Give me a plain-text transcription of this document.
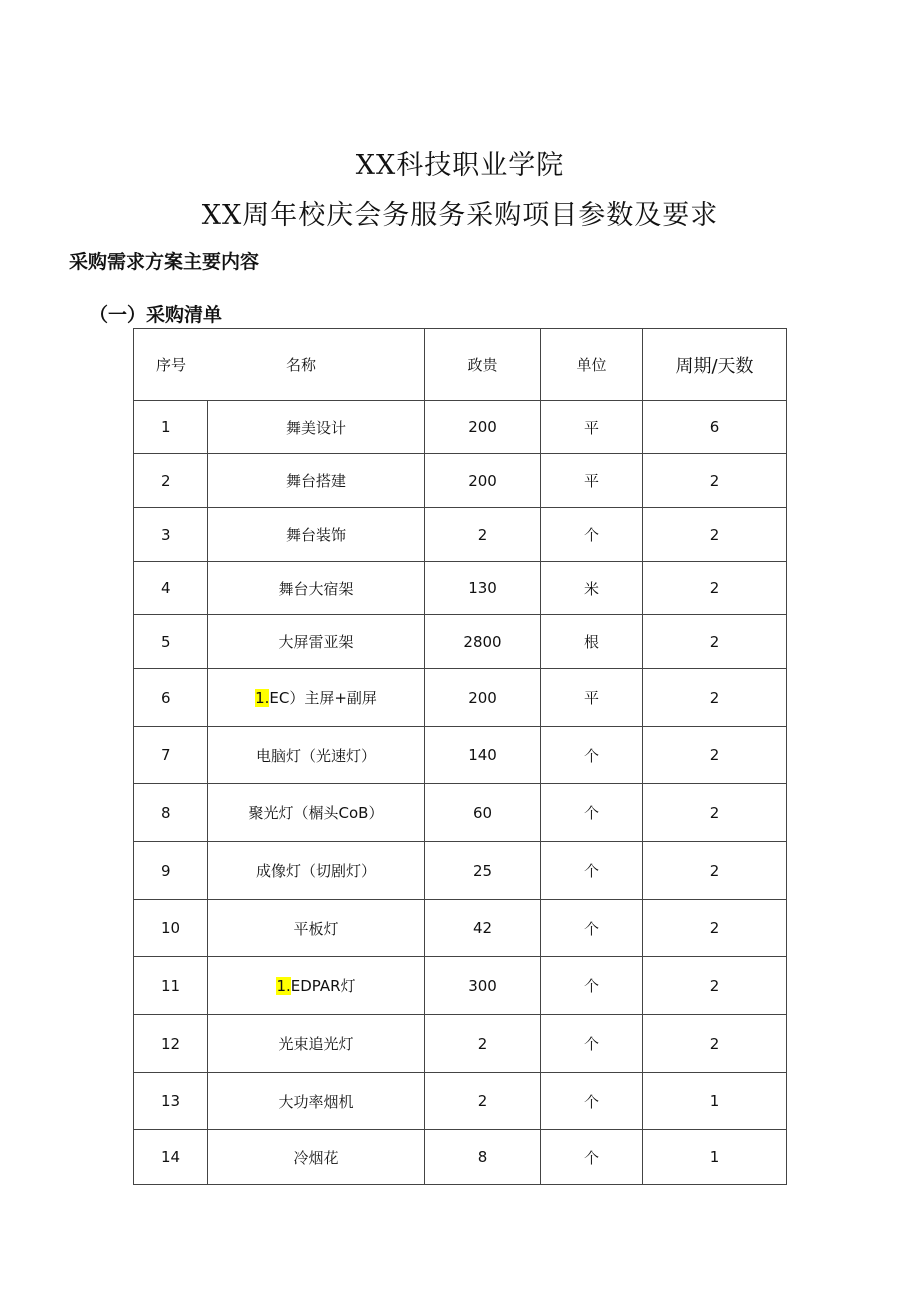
XX科技职业学院
XX周年校庆会务服务采购项目参数及要求
采购需求方案主要内容
（一）采购清单
序号 名称		政贵	单位	周期/天数
1	舞美设计	200	平	6
2	舞台搭建	200	平	2
3	舞台装饰	2	个	2
4	舞台大宿架	130	米	2
5	大屏雷亚架	2800	根	2
6	1.EC）主屏+副屏	200	平	2
7	电脑灯（光速灯）	140	个	2
8	聚光灯（榍头CoB）	60	个	2
9	成像灯（切剧灯）	25	个	2
10	平板灯	42	个	2
11	1.EDPAR灯	300	个	2
12	光束追光灯	2	个	2
13	大功率烟机	2	个	1
14	冷烟花	8	个	1
